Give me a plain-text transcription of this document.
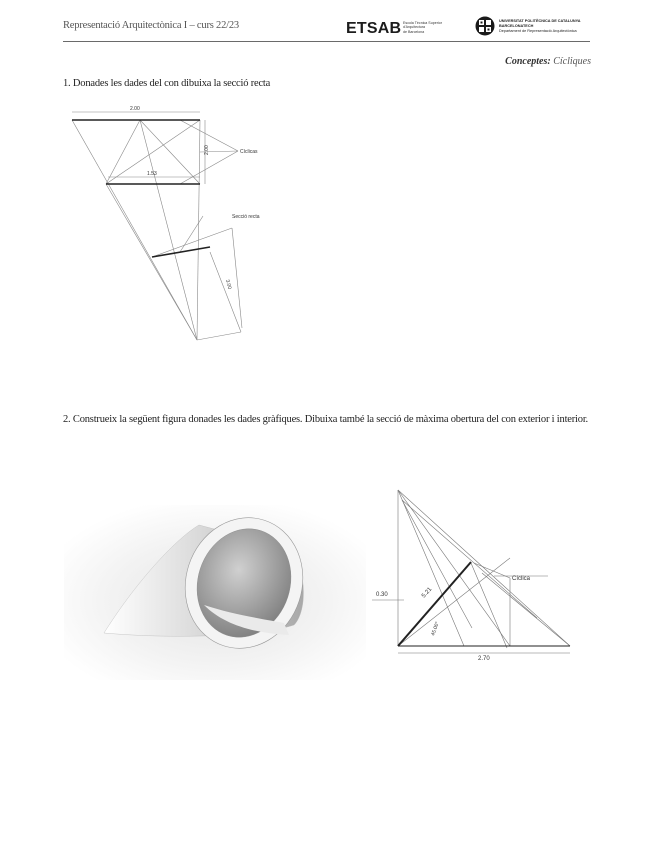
Representació Arquitectònica I – curs 22/23	ETSAB Escola Tècnica Superior
d'Arquitectura
de Barcelona
UNIVERSITAT POLITÈCNICA DE CATALUNYA
BARCELONATECH
Departament de Representació Arquitectònica
Conceptes: Cícliques
1. Donades les dades del con dibuixa la secció recta
2.00
1.53
2.00	Cíclicas
Secció recta
3.00
2. Construeix la següent figura donades les dades gràfiques. Dibuixa també la secció de màxima obertura del con exterior i interior.
0.30	5.21
45.00°
Cíclica
2.70
